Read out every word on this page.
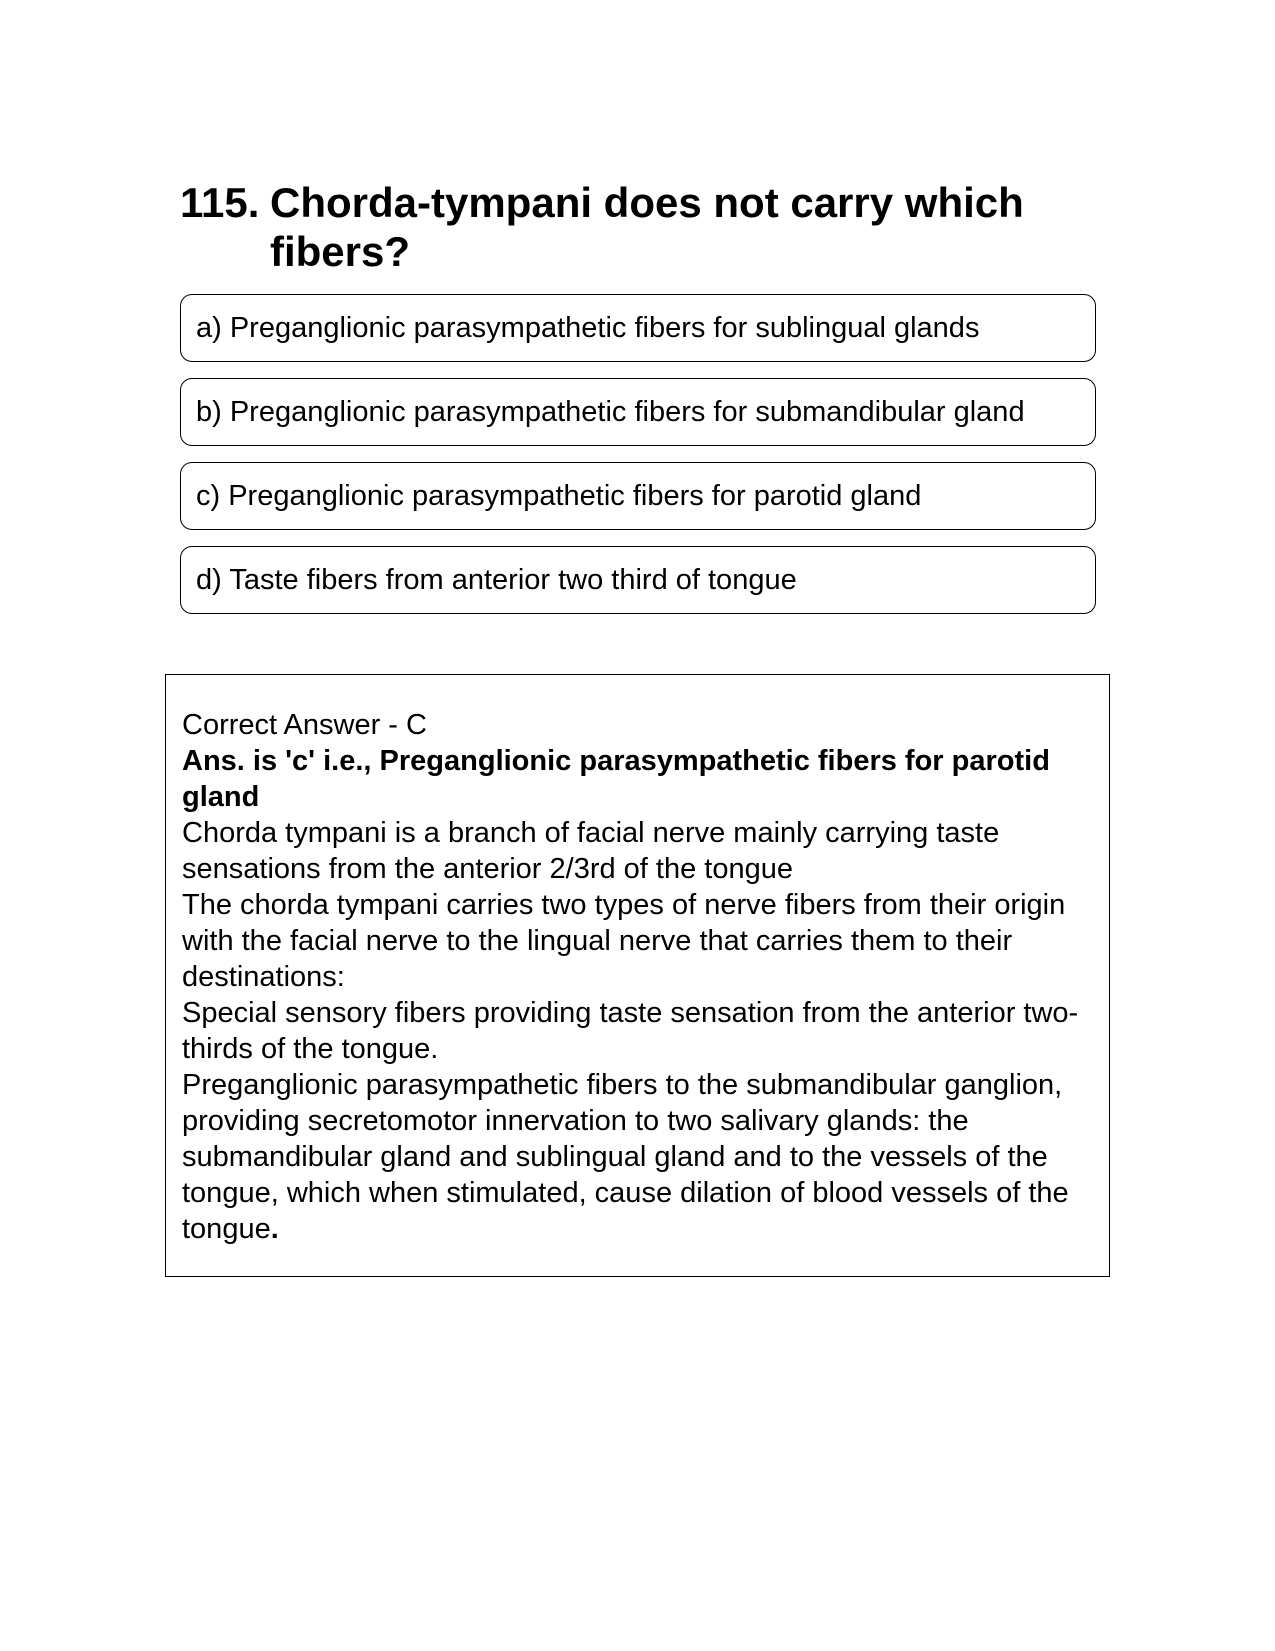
115. Chorda-tympani does not carry which fibers?
a) Preganglionic parasympathetic fibers for sublingual glands
b) Preganglionic parasympathetic fibers for submandibular gland
c) Preganglionic parasympathetic fibers for parotid gland
d) Taste fibers from anterior two third of tongue

Correct Answer - C

Ans. is 'c' i.e., Preganglionic parasympathetic fibers for parotid gland

Chorda tympani is a branch of facial nerve mainly carrying taste sensations from the anterior 2/3rd of the tongue

The chorda tympani carries two types of nerve fibers from their origin with the facial nerve to the lingual nerve that carries them to their destinations:

Special sensory fibers providing taste sensation from the anterior two-thirds of the tongue.

Preganglionic parasympathetic fibers to the submandibular ganglion, providing secretomotor innervation to two salivary glands: the submandibular gland and sublingual gland and to the vessels of the tongue, which when stimulated, cause dilation of blood vessels of the tongue.
